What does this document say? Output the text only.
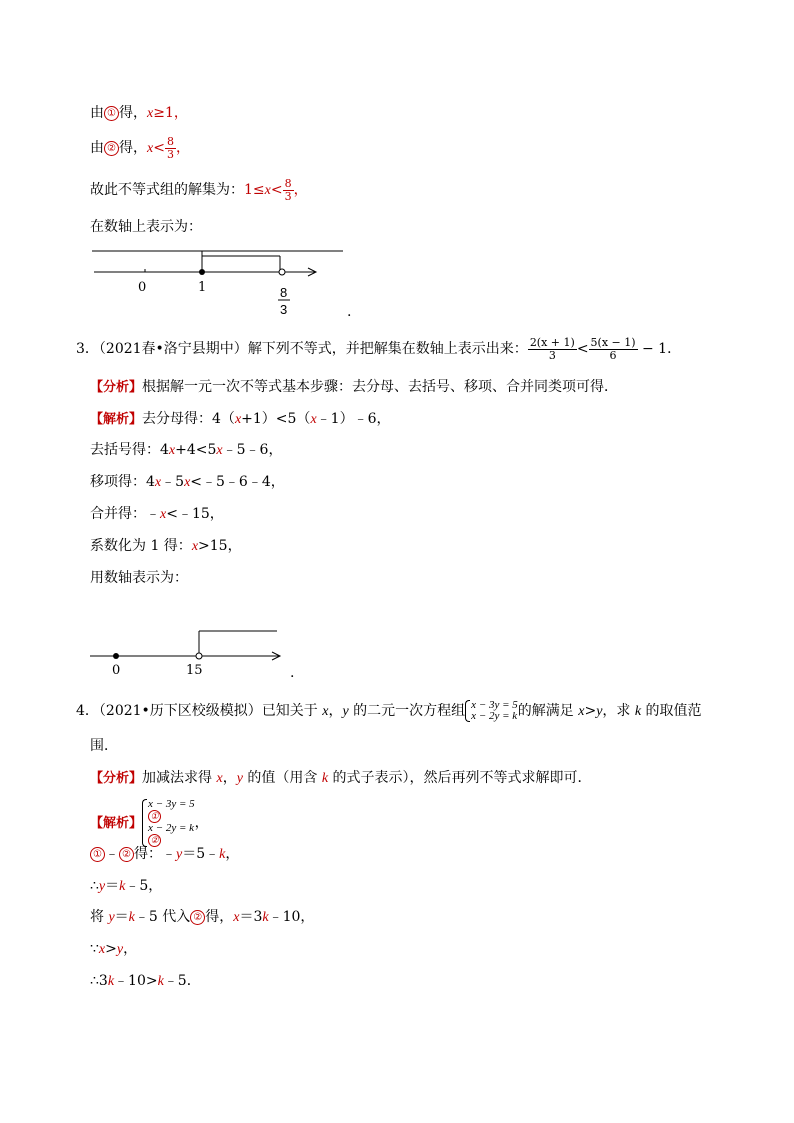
由 ① 得，x≥1，
由 ② 得，$x< \frac{8}{3}$ ，
故此不等式组的解集为：$1\le x< \frac{8}{3}$ ，
在数轴上表示为：
0	1	8
3	.
3．（2021春•洛宁县期中）解下列不等式，并把解集在数轴上表示出来： $\frac{2(x + 1)}{3} < \frac{5(x - 1)}{6} - 1$．
【分析】根据解一元一次不等式基本步骤：去分母、去括号、移项、合并同类项可得．
【解析】去分母得：4（x+1）<5（x﹣1）﹣6，
去括号得：4x+4<5x﹣5﹣6，
移项得：4x﹣5x<﹣5﹣6﹣4，
合并得：﹣x<﹣15，
系数化为 1 得：x>15，
用数轴表示为：
0	15	.
4．（2021•历下区校级模拟）已知关于 x，y 的二元一次方程组 x − 3y = 5
x − 2y = k 的解满足 x>y，求 k 的取值范
围．
【分析】加减法求得 x，y 的值（用含 k 的式子表示），然后再列不等式求解即可．
【解析】
x − 3y = 5
①
x − 2y = k
②
，
① ﹣ ② 得：﹣y＝5﹣k，
∴y＝k﹣5，
将 y＝k﹣5 代入 ② 得，x＝3k﹣10，
∵x>y，
∴3k﹣10>k﹣5．
